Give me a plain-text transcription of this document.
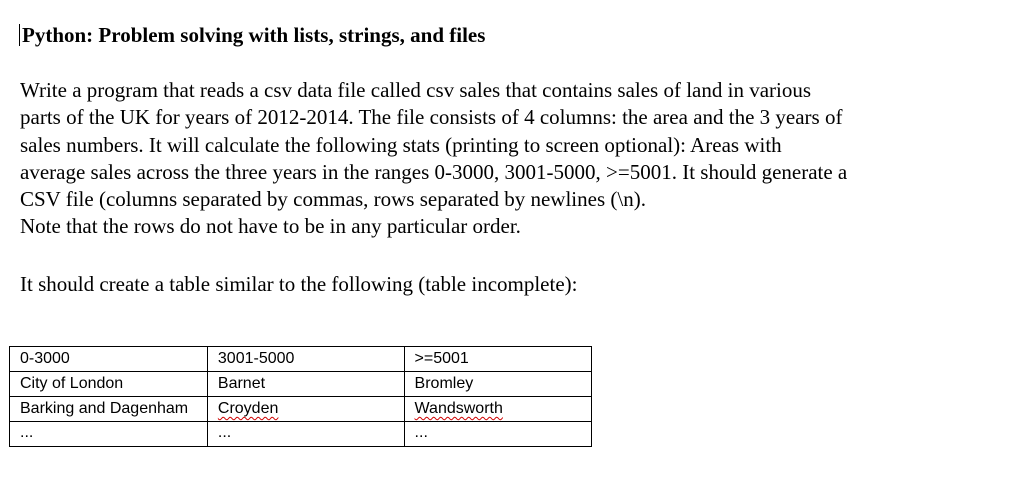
Python: Problem solving with lists, strings, and files
Write a program that reads a csv data file called csv sales that contains sales of land in various
parts of the UK for years of 2012-2014. The file consists of 4 columns: the area and the 3 years of
sales numbers. It will calculate the following stats (printing to screen optional): Areas with
average sales across the three years in the ranges 0-3000, 3001-5000, >=5001. It should generate a
CSV file (columns separated by commas, rows separated by newlines (\n).
Note that the rows do not have to be in any particular order.
It should create a table similar to the following (table incomplete):
0-3000	3001-5000	>=5001
City of London	Barnet	Bromley
Barking and Dagenham	Croyden	Wandsworth
...	...	...
